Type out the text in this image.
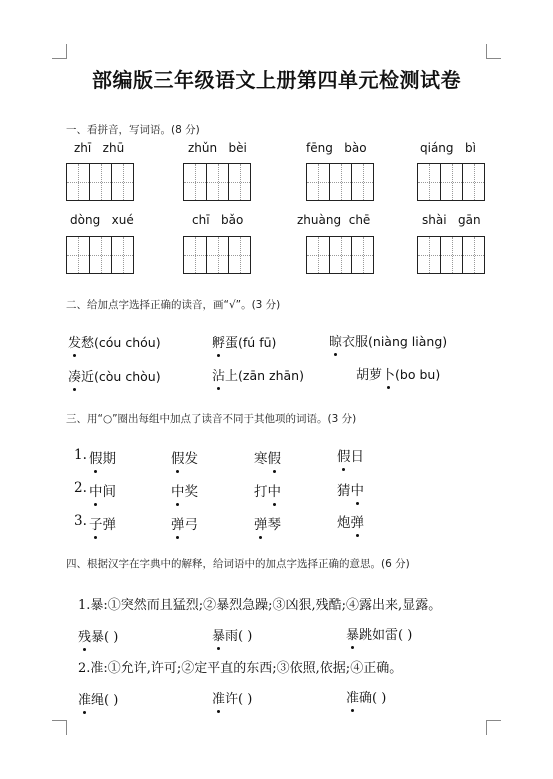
部编版三年级语文上册第四单元检测试卷
一、看拼音，写词语。(8 分)
zhī   zhū	zhǔn   bèi	fēng   bào	qiáng   bì
dòng   xué	chī   bǎo	zhuàng  chē	shài   gān
二、给加点字选择正确的读音，画“√”。(3 分)
发愁(cóu chóu)	孵蛋(fú fū)	晾衣服(niàng liàng)
凑近(còu chòu)	沾上(zān zhān)	胡萝卜(bo bu)
三、用“○”圈出每组中加点了读音不同于其他项的词语。(3 分)
1. 假期	假发	寒假	假日
2. 中间	中奖	打中	猜中
3. 子弹	弹弓	弹琴	炮弹
四、根据汉字在字典中的解释，给词语中的加点字选择正确的意思。(6 分)
1.暴:①突然而且猛烈;②暴烈急躁;③凶狠,残酷;④露出来,显露。
残暴( )	暴雨( )	暴跳如雷( )
2.准:①允许,许可;②定平直的东西;③依照,依据;④正确。
准绳( )	准许( )	准确( )
